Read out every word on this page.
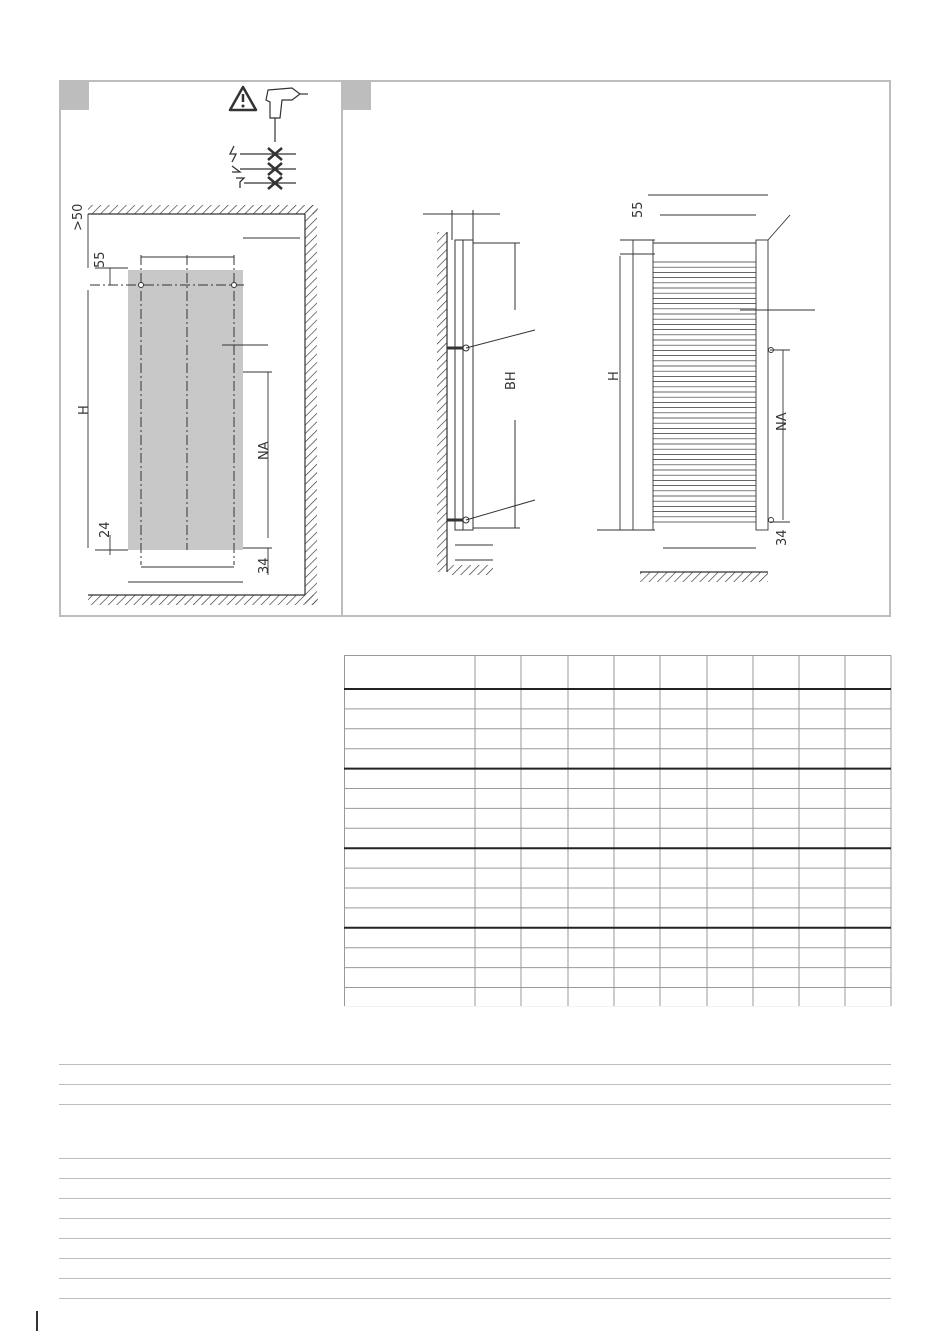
>50
55
H
24
NA
34
BH
55
H
NA
34
